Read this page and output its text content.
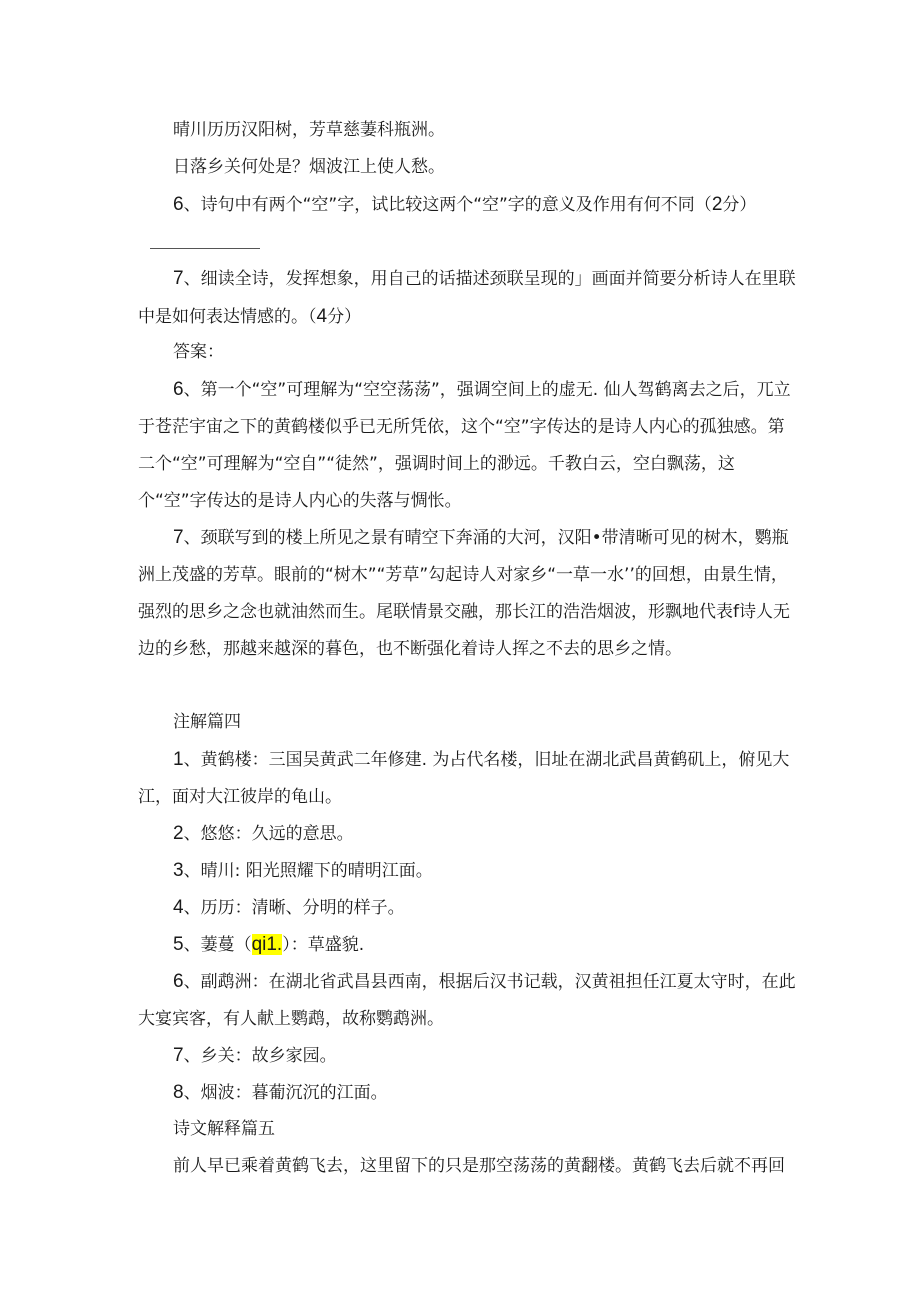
晴川历历汉阳树，芳草慈萋科瓶洲。

日落乡关何处是？烟波江上使人愁。

6、诗句中有两个“空”字，试比较这两个“空”字的意义及作用有何不同（2分）

7、细读全诗，发挥想象，用自己的话描述颈联呈现的」画面并简要分析诗人在里联中是如何表达情感的。（4分）

答案：

6、第一个“空”可理解为“空空荡荡”，强调空间上的虚无. 仙人驾鹤离去之后，兀立于苍茫宇宙之下的黄鹤楼似乎已无所凭依，这个“空”字传达的是诗人内心的孤独感。第二个“空”可理解为“空自”“徒然”，强调时间上的渺远。千教白云，空白飘荡，这个“空”字传达的是诗人内心的失落与惆怅。

7、颈联写到的楼上所见之景有晴空下奔涌的大河，汉阳•带清晰可见的树木，鹦瓶洲上茂盛的芳草。眼前的“树木”“芳草”勾起诗人对家乡“一草一水’’的回想，由景生情，强烈的思乡之念也就油然而生。尾联情景交融，那长江的浩浩烟波，形飘地代表f诗人无边的乡愁，那越来越深的暮色，也不断强化着诗人挥之不去的思乡之情。

注解篇四

1、黄鹤楼：三国吴黄武二年修建. 为占代名楼，旧址在湖北武昌黄鹤矶上，俯见大江，面对大江彼岸的龟山。

2、悠悠：久远的意思。

3、晴川: 阳光照耀下的晴明江面。

4、历历：清晰、分明的样子。

5、萋蔓（qi1.）：草盛貌.

6、副鹉洲：在湖北省武昌县西南，根据后汉书记载，汉黄祖担任江夏太守时，在此大宴宾客，有人献上鹦鹉，故称鹦鹉洲。

7、乡关：故乡家园。

8、烟波：暮葡沉沉的江面。

诗文解释篇五

前人早已乘着黄鹤飞去，这里留下的只是那空荡荡的黄翻楼。黄鹤飞去后就不再回
